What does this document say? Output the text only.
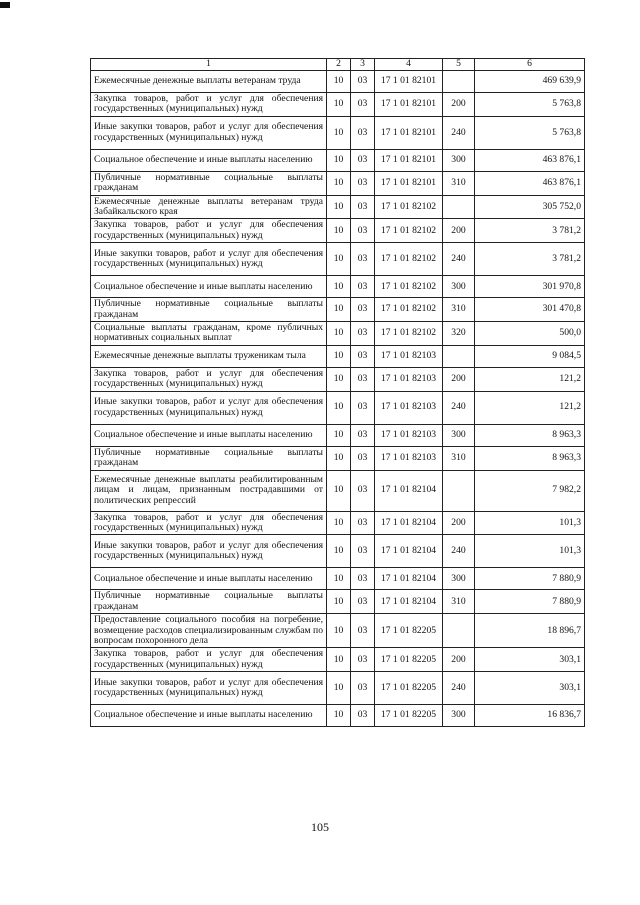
1	2	3	4	5	6
Ежемесячные денежные выплаты ветеранам труда	10	03	17 1 01 82101		469 639,9
Закупка товаров, работ и услуг для обеспечения государственных (муниципальных) нужд	10	03	17 1 01 82101	200	5 763,8
Иные закупки товаров, работ и услуг для обеспечения государственных (муниципальных) нужд	10	03	17 1 01 82101	240	5 763,8
Социальное обеспечение и иные выплаты населению	10	03	17 1 01 82101	300	463 876,1
Публичные нормативные социальные выплаты гражданам	10	03	17 1 01 82101	310	463 876,1
Ежемесячные денежные выплаты ветеранам труда Забайкальского края	10	03	17 1 01 82102		305 752,0
Закупка товаров, работ и услуг для обеспечения государственных (муниципальных) нужд	10	03	17 1 01 82102	200	3 781,2
Иные закупки товаров, работ и услуг для обеспечения государственных (муниципальных) нужд	10	03	17 1 01 82102	240	3 781,2
Социальное обеспечение и иные выплаты населению	10	03	17 1 01 82102	300	301 970,8
Публичные нормативные социальные выплаты гражданам	10	03	17 1 01 82102	310	301 470,8
Социальные выплаты гражданам, кроме публичных нормативных социальных выплат	10	03	17 1 01 82102	320	500,0
Ежемесячные денежные выплаты труженикам тыла	10	03	17 1 01 82103		9 084,5
Закупка товаров, работ и услуг для обеспечения государственных (муниципальных) нужд	10	03	17 1 01 82103	200	121,2
Иные закупки товаров, работ и услуг для обеспечения государственных (муниципальных) нужд	10	03	17 1 01 82103	240	121,2
Социальное обеспечение и иные выплаты населению	10	03	17 1 01 82103	300	8 963,3
Публичные нормативные социальные выплаты гражданам	10	03	17 1 01 82103	310	8 963,3
Ежемесячные денежные выплаты реабилитированным лицам и лицам, признанным пострадавшими от политических репрессий	10	03	17 1 01 82104		7 982,2
Закупка товаров, работ и услуг для обеспечения государственных (муниципальных) нужд	10	03	17 1 01 82104	200	101,3
Иные закупки товаров, работ и услуг для обеспечения государственных (муниципальных) нужд	10	03	17 1 01 82104	240	101,3
Социальное обеспечение и иные выплаты населению	10	03	17 1 01 82104	300	7 880,9
Публичные нормативные социальные выплаты гражданам	10	03	17 1 01 82104	310	7 880,9
Предоставление социального пособия на погребение, возмещение расходов специализированным службам по вопросам похоронного дела	10	03	17 1 01 82205		18 896,7
Закупка товаров, работ и услуг для обеспечения государственных (муниципальных) нужд	10	03	17 1 01 82205	200	303,1
Иные закупки товаров, работ и услуг для обеспечения государственных (муниципальных) нужд	10	03	17 1 01 82205	240	303,1
Социальное обеспечение и иные выплаты населению	10	03	17 1 01 82205	300	16 836,7
105
